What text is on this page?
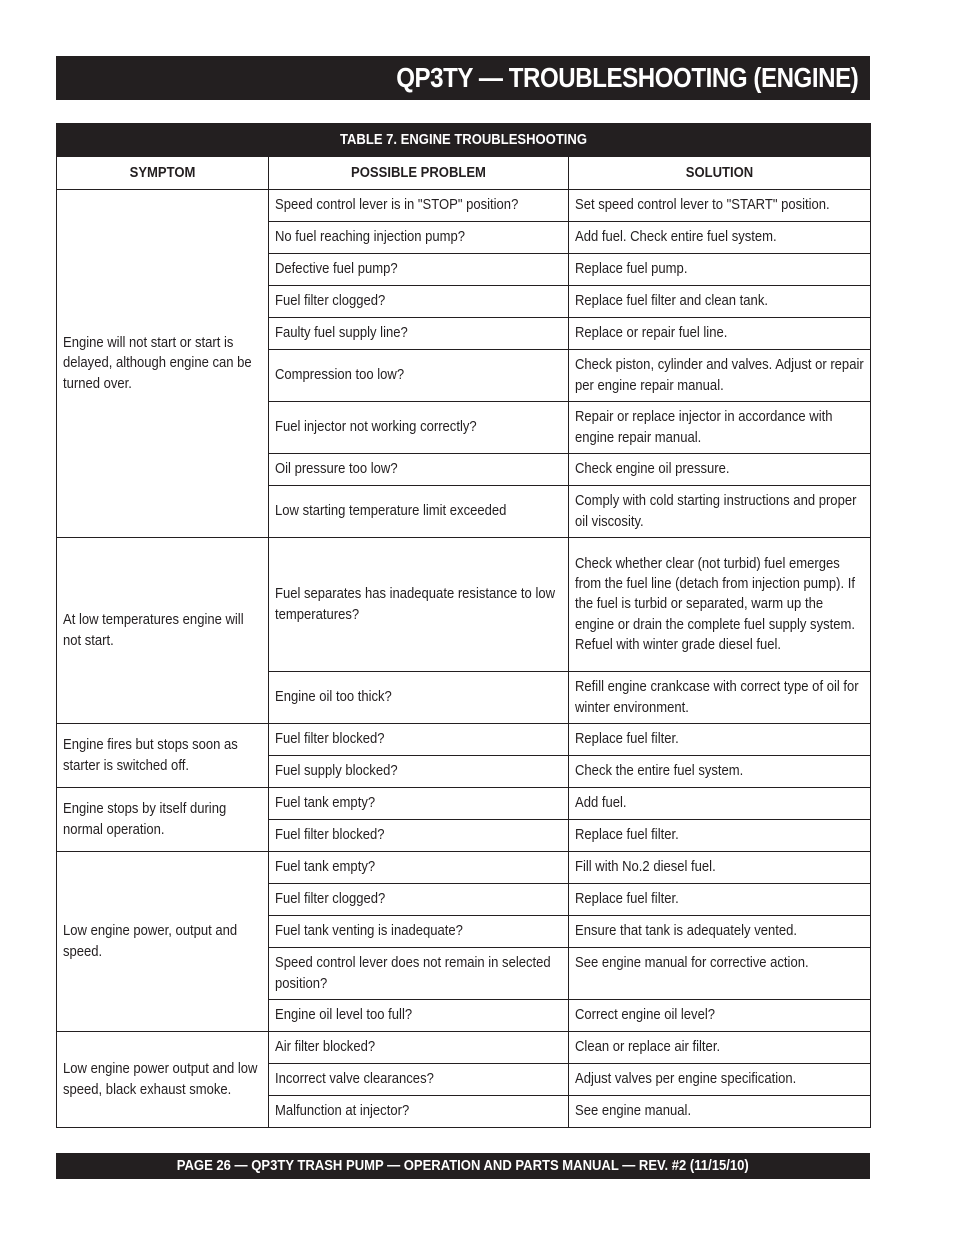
QP3TY — TROUBLESHOOTING (ENGINE)
TABLE 7. ENGINE TROUBLESHOOTING		

SYMPTOM	POSSIBLE PROBLEM	SOLUTION

Engine will not start or start is delayed, although engine can be turned over.	Speed control lever is in "STOP" position?	Set speed control lever to "START" position.

	No fuel reaching injection pump?	Add fuel. Check entire fuel system.

	Defective fuel pump?	Replace fuel pump.

	Fuel filter clogged?	Replace fuel filter and clean tank.

	Faulty fuel supply line?	Replace or repair fuel line.

	Compression too low?	Check piston, cylinder and valves. Adjust or repair per engine repair manual.

	Fuel injector not working correctly?	Repair or replace injector in accordance with engine repair manual.

	Oil pressure too low?	Check engine oil pressure.

	Low starting temperature limit exceeded	Comply with cold starting instructions and proper oil viscosity.

At low temperatures engine will not start.	Fuel separates has inadequate resistance to low temperatures?	Check whether clear (not turbid) fuel emerges from the fuel line (detach from injection pump). If the fuel is turbid or separated, warm up the engine or drain the complete fuel supply system. Refuel with winter grade diesel fuel.

	Engine oil too thick?	Refill engine crankcase with correct type of oil for winter environment.

Engine fires but stops soon as starter is switched off.	Fuel filter blocked?	Replace fuel filter.

	Fuel supply blocked?	Check the entire fuel system.

Engine stops by itself during normal operation.	Fuel tank empty?	Add fuel.

	Fuel filter blocked?	Replace fuel filter.

Low engine power, output and speed.	Fuel tank empty?	Fill with No.2 diesel fuel.

	Fuel filter clogged?	Replace fuel filter.

	Fuel tank venting is inadequate?	Ensure that tank is adequately vented.

	Speed control lever does not remain in selected position?	See engine manual for corrective action.

	Engine oil level too full?	Correct engine oil level?

Low engine power output and low speed, black exhaust smoke.	Air filter blocked?	Clean or replace air filter.

	Incorrect valve clearances?	Adjust valves per engine specification.

	Malfunction at injector?	See engine manual.
PAGE 26 — QP3TY TRASH PUMP — OPERATION AND PARTS MANUAL — REV. #2 (11/15/10)
